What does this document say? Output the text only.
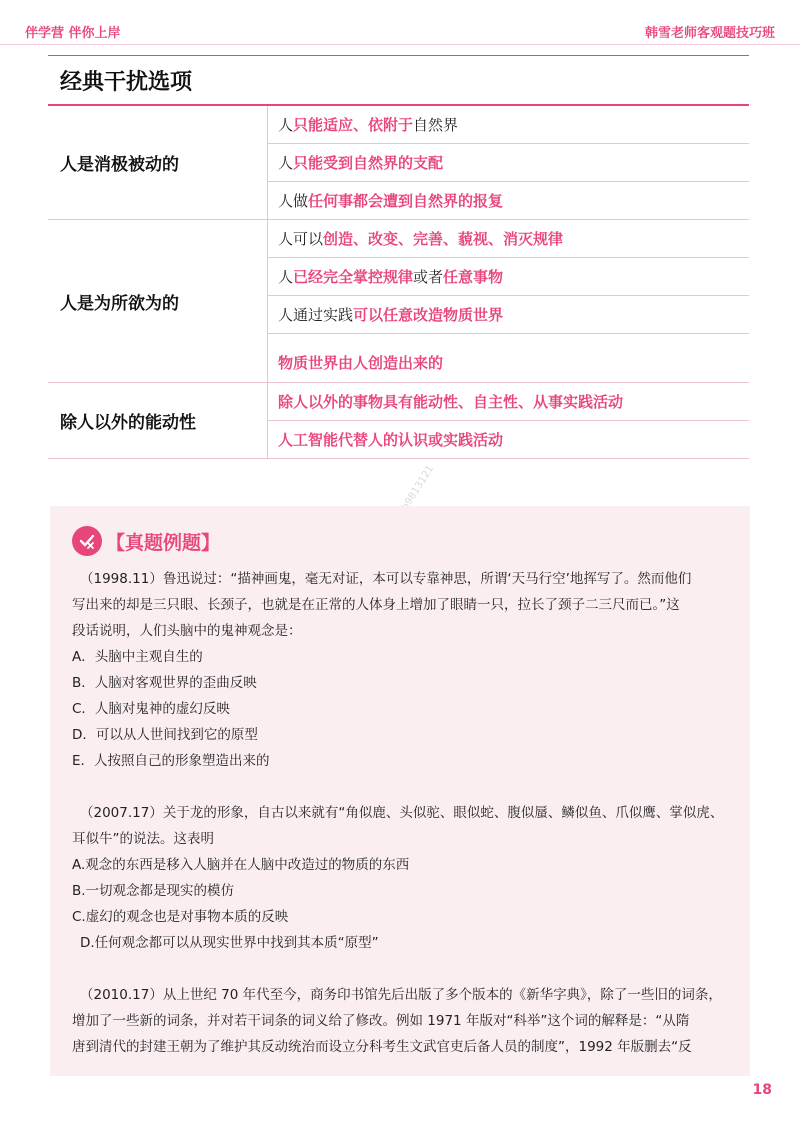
伴学营 伴你上岸	韩雪老师客观题技巧班
经典干扰选项
人是消极被动的
人 只能适应、依附于 自然界
人 只能受到自然界的支配
人做 任何事都会遭到自然界的报复
人是为所欲为的
人可以 创造、改变、完善、藐视、消灭规律
人 已经完全掌控规律 或者 任意事物
人通过实践 可以任意改造物质世界
物质世界由人创造出来的
除人以外的能动性
除人以外的事物具有能动性、自主性、从事实践活动
人工智能代替人的认识或实践活动
【真题例题】

（1998.11）鲁迅说过：“描神画鬼，毫无对证，本可以专靠神思，所谓‘天马行空’地挥写了。然而他们

写出来的却是三只眼、长颈子，也就是在正常的人体身上增加了眼睛一只，拉长了颈子二三尺而已。”这

段话说明，人们头脑中的鬼神观念是：

A．头脑中主观自生的

B．人脑对客观世界的歪曲反映

C．人脑对鬼神的虚幻反映

D．可以从人世间找到它的原型

E．人按照自己的形象塑造出来的

（2007.17）关于龙的形象，自古以来就有“角似鹿、头似驼、眼似蛇、腹似蜃、鳞似鱼、爪似鹰、掌似虎、

耳似牛”的说法。这表明

A.观念的东西是移入人脑并在人脑中改造过的物质的东西

B.一切观念都是现实的模仿

C.虚幻的观念也是对事物本质的反映

D.任何观念都可以从现实世界中找到其本质“原型”

（2010.17）从上世纪 70 年代至今，商务印书馆先后出版了多个版本的《新华字典》，除了一些旧的词条，

增加了一些新的词条，并对若干词条的词义给了修改。例如 1971 年版对“科举”这个词的解释是：“从隋

唐到清代的封建王朝为了维护其反动统治而设立分科考生文武官吏后备人员的制度”，1992 年版删去“反

18
